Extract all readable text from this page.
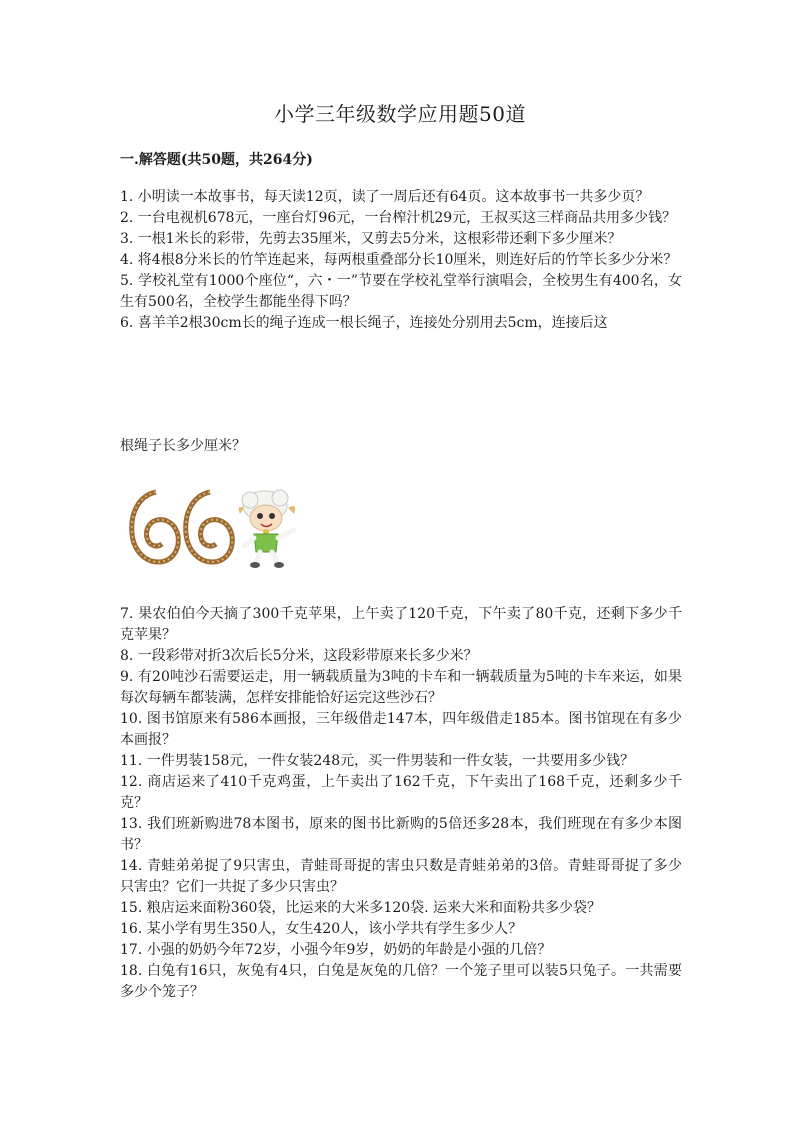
小学三年级数学应用题50道
一.解答题(共50题，共264分)

1. 小明读一本故事书，每天读12页，读了一周后还有64页。这本故事书一共多少页？

2. 一台电视机678元，一座台灯96元，一台榨汁机29元，王叔买这三样商品共用多少钱？

3. 一根1米长的彩带，先剪去35厘米，又剪去5分米，这根彩带还剩下多少厘米？

4. 将4根8分米长的竹竿连起来，每两根重叠部分长10厘米，则连好后的竹竿长多少分米？

5. 学校礼堂有1000个座位“，六・一”节要在学校礼堂举行演唱会，全校男生有400名，女生有500名，全校学生都能坐得下吗？

6. 喜羊羊2根30cm长的绳子连成一根长绳子，连接处分别用去5cm，连接后这

根绳子长多少厘米？

7. 果农伯伯今天摘了300千克苹果，上午卖了120千克，下午卖了80千克，还剩下多少千克苹果？

8. 一段彩带对折3次后长5分米，这段彩带原来长多少米？

9. 有20吨沙石需要运走，用一辆载质量为3吨的卡车和一辆载质量为5吨的卡车来运，如果每次每辆车都装满，怎样安排能恰好运完这些沙石？

10. 图书馆原来有586本画报，三年级借走147本，四年级借走185本。图书馆现在有多少本画报？

11. 一件男装158元，一件女装248元，买一件男装和一件女装，一共要用多少钱？

12. 商店运来了410千克鸡蛋，上午卖出了162千克，下午卖出了168千克，还剩多少千克？

13. 我们班新购进78本图书，原来的图书比新购的5倍还多28本，我们班现在有多少本图书？

14. 青蛙弟弟捉了9只害虫，青蛙哥哥捉的害虫只数是青蛙弟弟的3倍。青蛙哥哥捉了多少只害虫？它们一共捉了多少只害虫？

15. 粮店运来面粉360袋，比运来的大米多120袋. 运来大米和面粉共多少袋？

16. 某小学有男生350人，女生420人，该小学共有学生多少人？

17. 小强的奶奶今年72岁，小强今年9岁，奶奶的年龄是小强的几倍？

18. 白兔有16只，灰兔有4只，白兔是灰兔的几倍？一个笼子里可以装5只兔子。一共需要多少个笼子？
